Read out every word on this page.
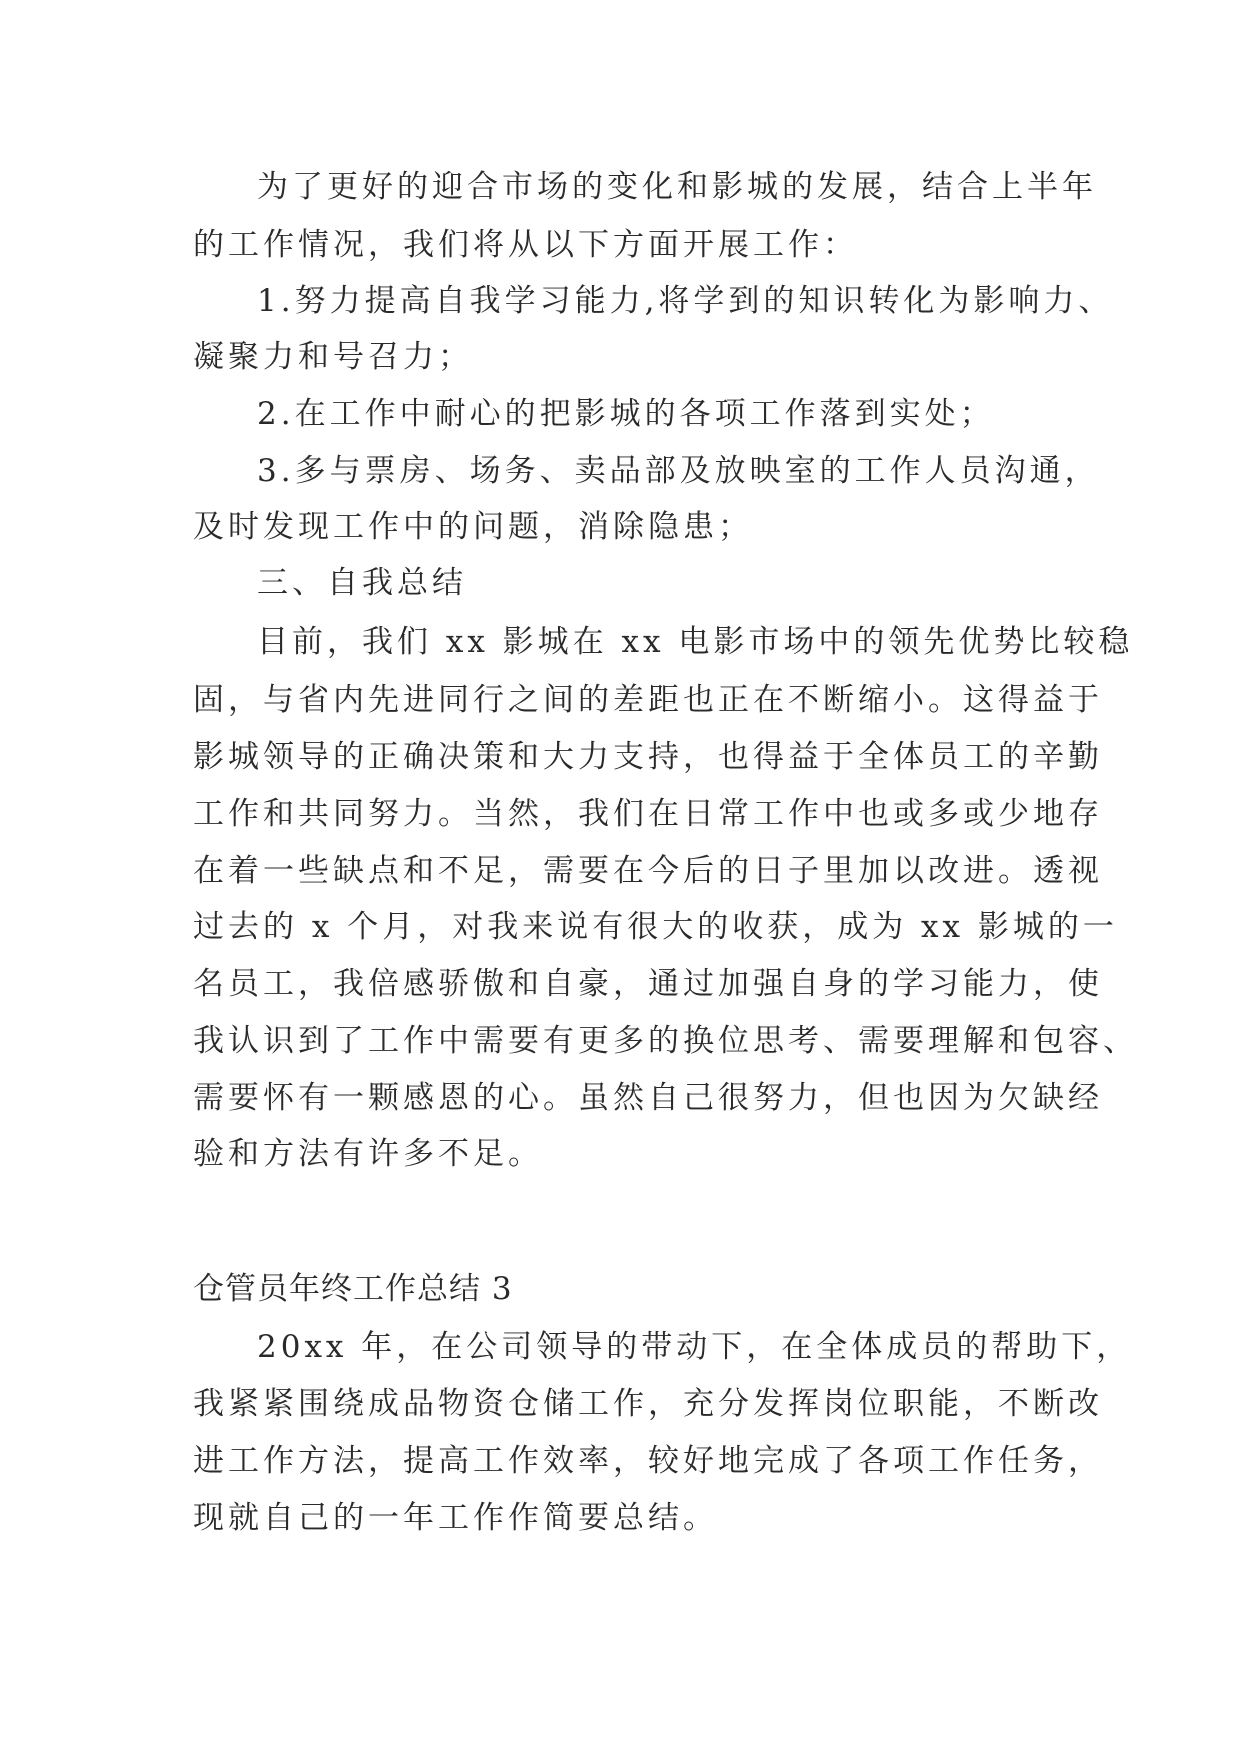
为了更好的迎合市场的变化和影城的发展，结合上半年
的工作情况，我们将从以下方面开展工作：
1.努力提高自我学习能力,将学到的知识转化为影响力、
凝聚力和号召力；
2.在工作中耐心的把影城的各项工作落到实处；
3.多与票房、场务、卖品部及放映室的工作人员沟通，
及时发现工作中的问题，消除隐患；
三、自我总结
目前，我们 xx 影城在 xx 电影市场中的领先优势比较稳
固，与省内先进同行之间的差距也正在不断缩小。这得益于
影城领导的正确决策和大力支持，也得益于全体员工的辛勤
工作和共同努力。当然，我们在日常工作中也或多或少地存
在着一些缺点和不足，需要在今后的日子里加以改进。透视
过去的 x 个月，对我来说有很大的收获，成为 xx 影城的一
名员工，我倍感骄傲和自豪，通过加强自身的学习能力，使
我认识到了工作中需要有更多的换位思考、需要理解和包容、
需要怀有一颗感恩的心。虽然自己很努力，但也因为欠缺经
验和方法有许多不足。
仓管员年终工作总结 3
20xx 年，在公司领导的带动下，在全体成员的帮助下，
我紧紧围绕成品物资仓储工作，充分发挥岗位职能，不断改
进工作方法，提高工作效率，较好地完成了各项工作任务，
现就自己的一年工作作简要总结。
